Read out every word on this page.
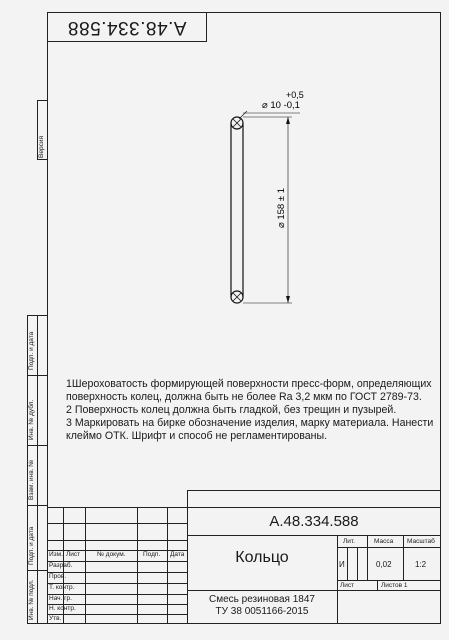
А.48.334.588
Версия
Подп. и дата
Инв. № дубл.
Взам. инв. №
Подп. и дата
Инв. № подл.
+0,5
⌀ 10 -0,1
⌀ 158 ± 1
1Шероховатость формирующей поверхности пресс-форм, определяющих
поверхность колец, должна быть не более Ra 3,2 мкм по ГОСТ 2789-73.
2 Поверхность колец должна быть гладкой, без трещин и пузырей.
3 Маркировать на бирке обозначение изделия, марку материала. Нанести
клеймо ОТК. Шрифт и способ не регламентированы.
Изм. Лист	№ докум.	Подп. Дата
Разраб.
Пров.
Т. контр.
Нач. гр.
Н. контр.
Утв.
Лит.	Масса Масштаб
И	0,02	1:2
Лист	Листов 1
А.48.334.588
Кольцо
Смесь резиновая 1847
ТУ 38 0051166-2015
